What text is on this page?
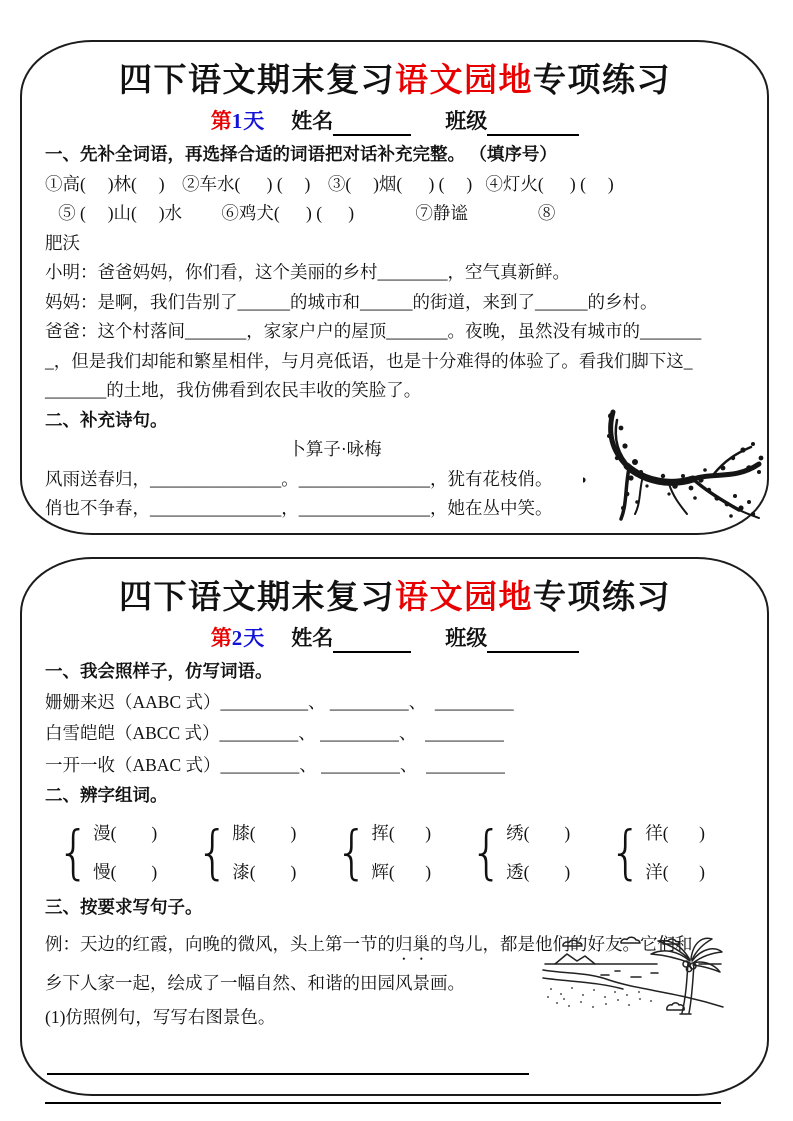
四下语文期末复习语文园地专项练习
第1天 姓名	班级
一、先补全词语，再选择合适的词语把对话补充完整。 （填序号）
①高(     )林(     )    ②车水(      ) (     )    ③(     )烟(      ) (     )   ④灯火(      ) (     )
⑤ (     )山(     )水         ⑥鸡犬(      ) (      )              ⑦静谧                ⑧
肥沃
小明：爸爸妈妈，你们看，这个美丽的乡村________，空气真新鲜。
妈妈：是啊，我们告别了______的城市和______的街道，来到了______的乡村。
爸爸：这个村落间_______，家家户户的屋顶_______。夜晚，虽然没有城市的_______
_，但是我们却能和繁星相伴，与月亮低语，也是十分难得的体验了。看我们脚下这_
_______的土地，我仿佛看到农民丰收的笑脸了。
二、补充诗句。
卜算子·咏梅
风雨送春归，_______________。_______________，犹有花枝俏。
俏也不争春，_______________，_______________，她在丛中笑。
四下语文期末复习语文园地专项练习
第2天 姓名	班级
一、我会照样子，仿写词语。
姗姗来迟（AABC 式）__________、 _________、  _________
白雪皑皑（ABCC 式）_________、 _________、  _________
一开一收（ABAC 式）_________、 _________、  _________
二、辨字组词。
{ 漫(        )
慢(        ) { 膝(        )
漆(        ) { 挥(       )
辉(       ) { 绣(        )
透(        ) { 徉(       )
洋(       )
三、按要求写句子。
例：天边的红霞，向晚的微风，头上第一节的归巢的鸟儿，都是他们的好友。它们和
乡下人家一起，绘成了一幅自然、和谐的田园风景画。
(1)仿照例句，写写右图景色。
